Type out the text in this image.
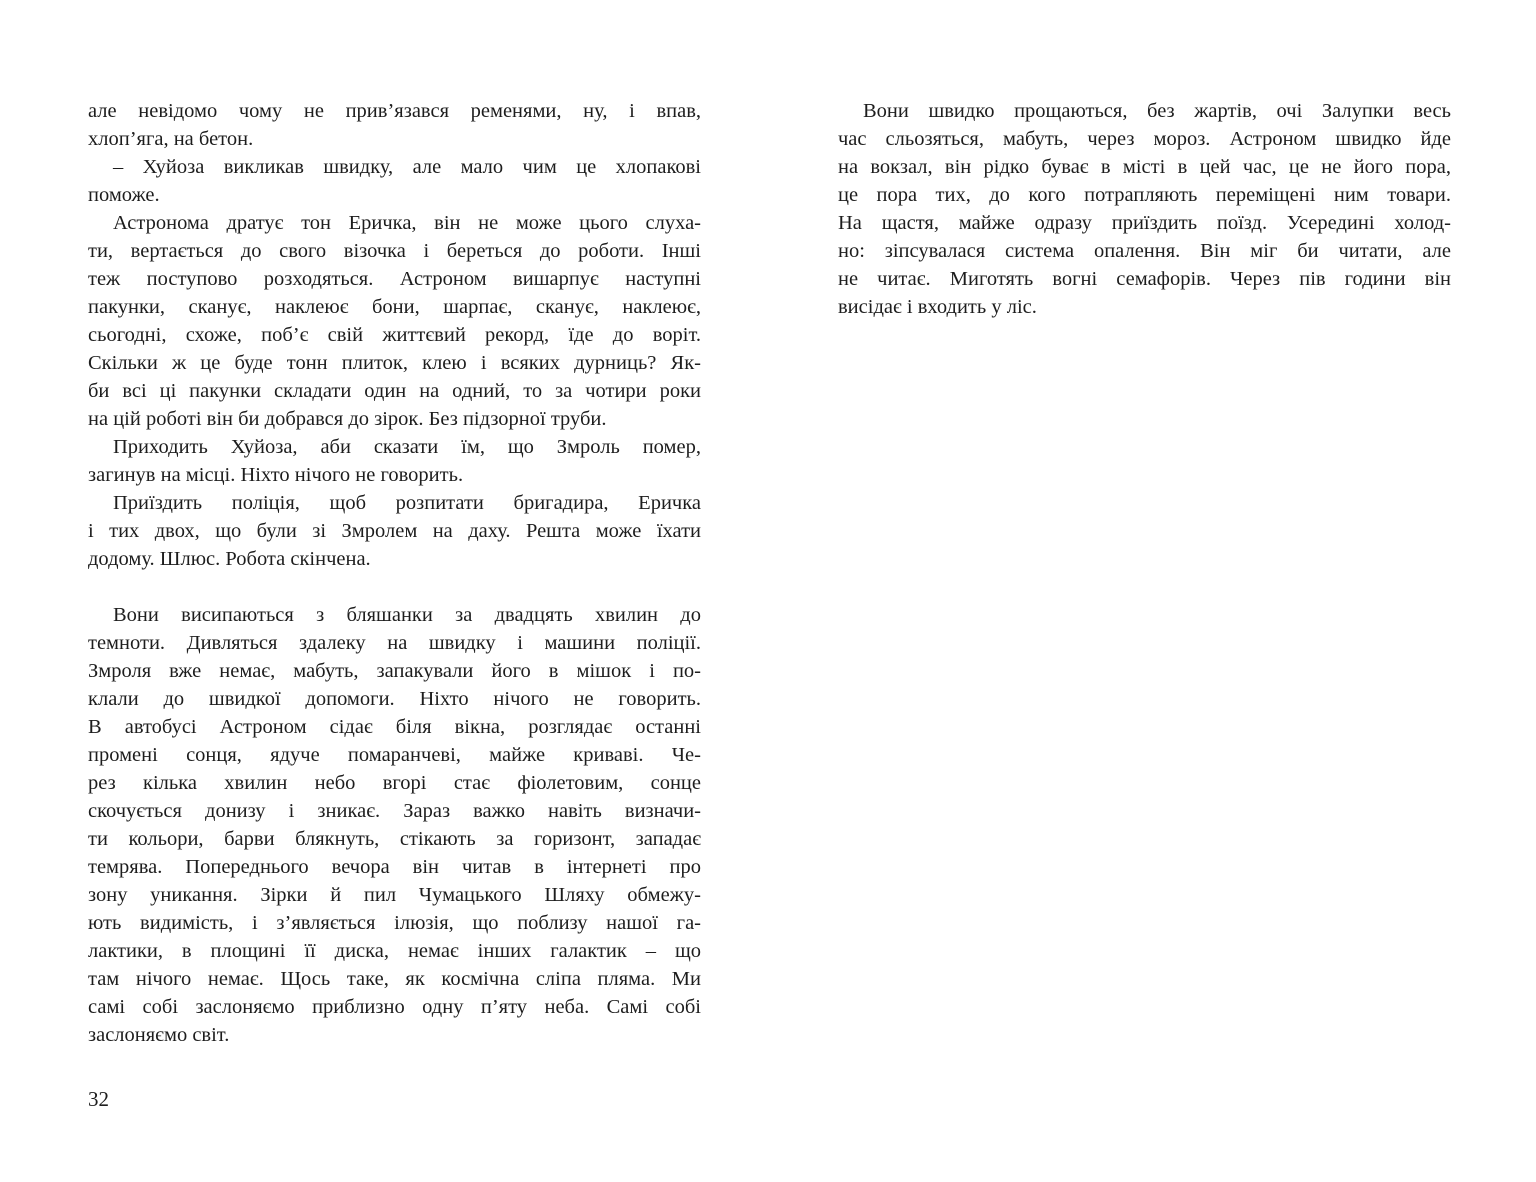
але невідомо чому не прив’язався ременями, ну, і впав,
хлоп’яга, на бетон.
– Хуйоза викликав швидку, але мало чим це хлопакові
поможе.
Астронома дратує тон Еричка, він не може цього слуха-
ти, вертається до свого візочка і береться до роботи. Інші
теж поступово розходяться. Астроном вишарпує наступні
пакунки, сканує, наклеює бони, шарпає, сканує, наклеює,
сьогодні, схоже, поб’є свій життєвий рекорд, їде до воріт.
Скільки ж це буде тонн плиток, клею і всяких дурниць? Як-
би всі ці пакунки складати один на одний, то за чотири роки
на цій роботі він би добрався до зірок. Без підзорної труби.
Приходить Хуйоза, аби сказати їм, що Змроль помер,
загинув на місці. Ніхто нічого не говорить.
Приїздить поліція, щоб розпитати бригадира, Еричка
і тих двох, що були зі Змролем на даху. Решта може їхати
додому. Шлюс. Робота скінчена.
Вони висипаються з бляшанки за двадцять хвилин до
темноти. Дивляться здалеку на швидку і машини поліції.
Змроля вже немає, мабуть, запакували його в мішок і по-
клали до швидкої допомоги. Ніхто нічого не говорить.
В автобусі Астроном сідає біля вікна, розглядає останні
промені сонця, ядуче помаранчеві, майже криваві. Че-
рез кілька хвилин небо вгорі стає фіолетовим, сонце
скочується донизу і зникає. Зараз важко навіть визначи-
ти кольори, барви блякнуть, стікають за горизонт, западає
темрява. Попереднього вечора він читав в інтернеті про
зону уникання. Зірки й пил Чумацького Шляху обмежу-
ють видимість, і з’являється ілюзія, що поблизу нашої га-
лактики, в площині її диска, немає інших галактик – що
там нічого немає. Щось таке, як космічна сліпа пляма. Ми
самі собі заслоняємо приблизно одну п’яту неба. Самі собі
заслоняємо світ.
Вони швидко прощаються, без жартів, очі Залупки весь
час сльозяться, мабуть, через мороз. Астроном швидко йде
на вокзал, він рідко буває в місті в цей час, це не його пора,
це пора тих, до кого потрапляють переміщені ним товари.
На щастя, майже одразу приїздить поїзд. Усередині холод-
но: зіпсувалася система опалення. Він міг би читати, але
не читає. Миготять вогні семафорів. Через пів години він
висідає і входить у ліс.
32
